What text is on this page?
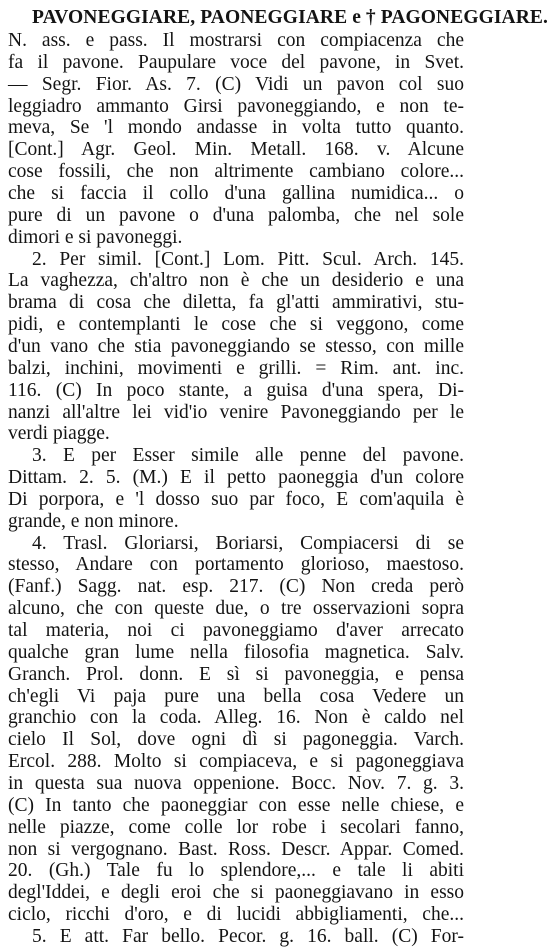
PAVONEGGIARE, PAONEGGIARE e † PAGONEGGIARE.
N. ass. e pass. Il mostrarsi con compiacenza che
fa il pavone. Paupulare voce del pavone, in Svet.
— Segr. Fior. As. 7. (C) Vidi un pavon col suo
leggiadro ammanto Girsi pavoneggiando, e non te-
meva, Se 'l mondo andasse in volta tutto quanto.
[Cont.] Agr. Geol. Min. Metall. 168. v. Alcune
cose fossili, che non altrimente cambiano colore...
che si faccia il collo d'una gallina numidica... o
pure di un pavone o d'una palomba, che nel sole
dimori e si pavoneggi.
2. Per simil. [Cont.] Lom. Pitt. Scul. Arch. 145.
La vaghezza, ch'altro non è che un desiderio e una
brama di cosa che diletta, fa gl'atti ammirativi, stu-
pidi, e contemplanti le cose che si veggono, come
d'un vano che stia pavoneggiando se stesso, con mille
balzi, inchini, movimenti e grilli. = Rim. ant. inc.
116. (C) In poco stante, a guisa d'una spera, Di-
nanzi all'altre lei vid'io venire Pavoneggiando per le
verdi piagge.
3. E per Esser simile alle penne del pavone.
Dittam. 2. 5. (M.) E il petto paoneggia d'un colore
Di porpora, e 'l dosso suo par foco, E com'aquila è
grande, e non minore.
4. Trasl. Gloriarsi, Boriarsi, Compiacersi di se
stesso, Andare con portamento glorioso, maestoso.
(Fanf.) Sagg. nat. esp. 217. (C) Non creda però
alcuno, che con queste due, o tre osservazioni sopra
tal materia, noi ci pavoneggiamo d'aver arrecato
qualche gran lume nella filosofia magnetica. Salv.
Granch. Prol. donn. E sì si pavoneggia, e pensa
ch'egli Vi paja pure una bella cosa Vedere un
granchio con la coda. Alleg. 16. Non è caldo nel
cielo Il Sol, dove ogni dì si pagoneggia. Varch.
Ercol. 288. Molto si compiaceva, e si pagoneggiava
in questa sua nuova oppenione. Bocc. Nov. 7. g. 3.
(C) In tanto che paoneggiar con esse nelle chiese, e
nelle piazze, come colle lor robe i secolari fanno,
non si vergognano. Bast. Ross. Descr. Appar. Comed.
20. (Gh.) Tale fu lo splendore,... e tale li abiti
degl'Iddei, e degli eroi che si paoneggiavano in esso
ciclo, ricchi d'oro, e di lucidi abbigliamenti, che...
5. E att. Far bello. Pecor. g. 16. ball. (C) For-
